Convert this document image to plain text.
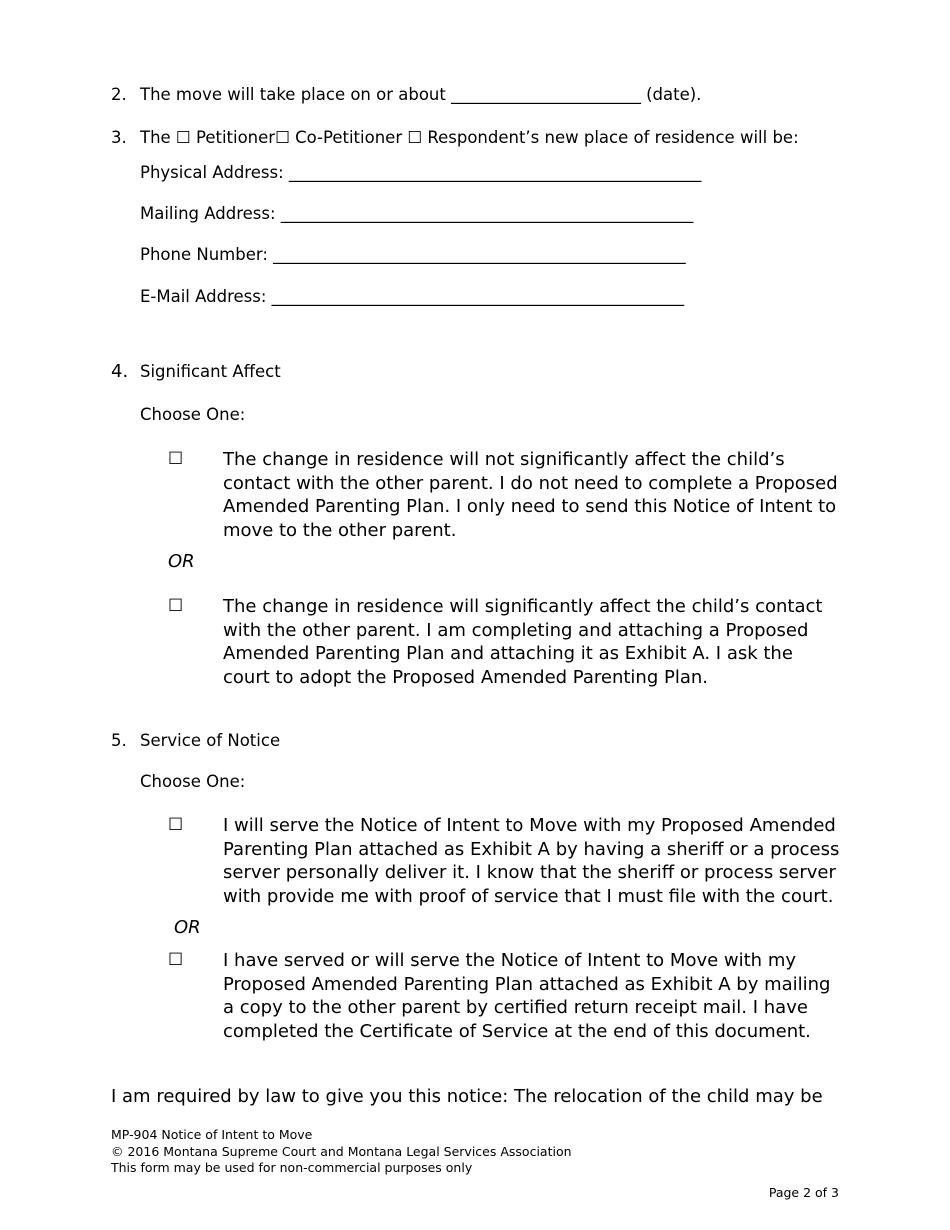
2. The move will take place on or about _______________________ (date).
3. The ☐ Petitioner☐ Co-Petitioner ☐ Respondent’s new place of residence will be:
Physical Address: __________________________________________________
Mailing Address: __________________________________________________
Phone Number: __________________________________________________
E-Mail Address: __________________________________________________
4. Significant Affect
Choose One:
☐ The change in residence will not significantly affect the child’s contact with the other parent. I do not need to complete a Proposed Amended Parenting Plan. I only need to send this Notice of Intent to move to the other parent.
OR
☐ The change in residence will significantly affect the child’s contact with the other parent. I am completing and attaching a Proposed Amended Parenting Plan and attaching it as Exhibit A. I ask the court to adopt the Proposed Amended Parenting Plan.
5. Service of Notice
Choose One:
☐ I will serve the Notice of Intent to Move with my Proposed Amended Parenting Plan attached as Exhibit A by having a sheriff or a process server personally deliver it. I know that the sheriff or process server with provide me with proof of service that I must file with the court.
OR
☐ I have served or will serve the Notice of Intent to Move with my Proposed Amended Parenting Plan attached as Exhibit A by mailing a copy to the other parent by certified return receipt mail. I have completed the Certificate of Service at the end of this document.
I am required by law to give you this notice: The relocation of the child may be
MP-904 Notice of Intent to Move
© 2016 Montana Supreme Court and Montana Legal Services Association
This form may be used for non-commercial purposes only
Page 2 of 3
